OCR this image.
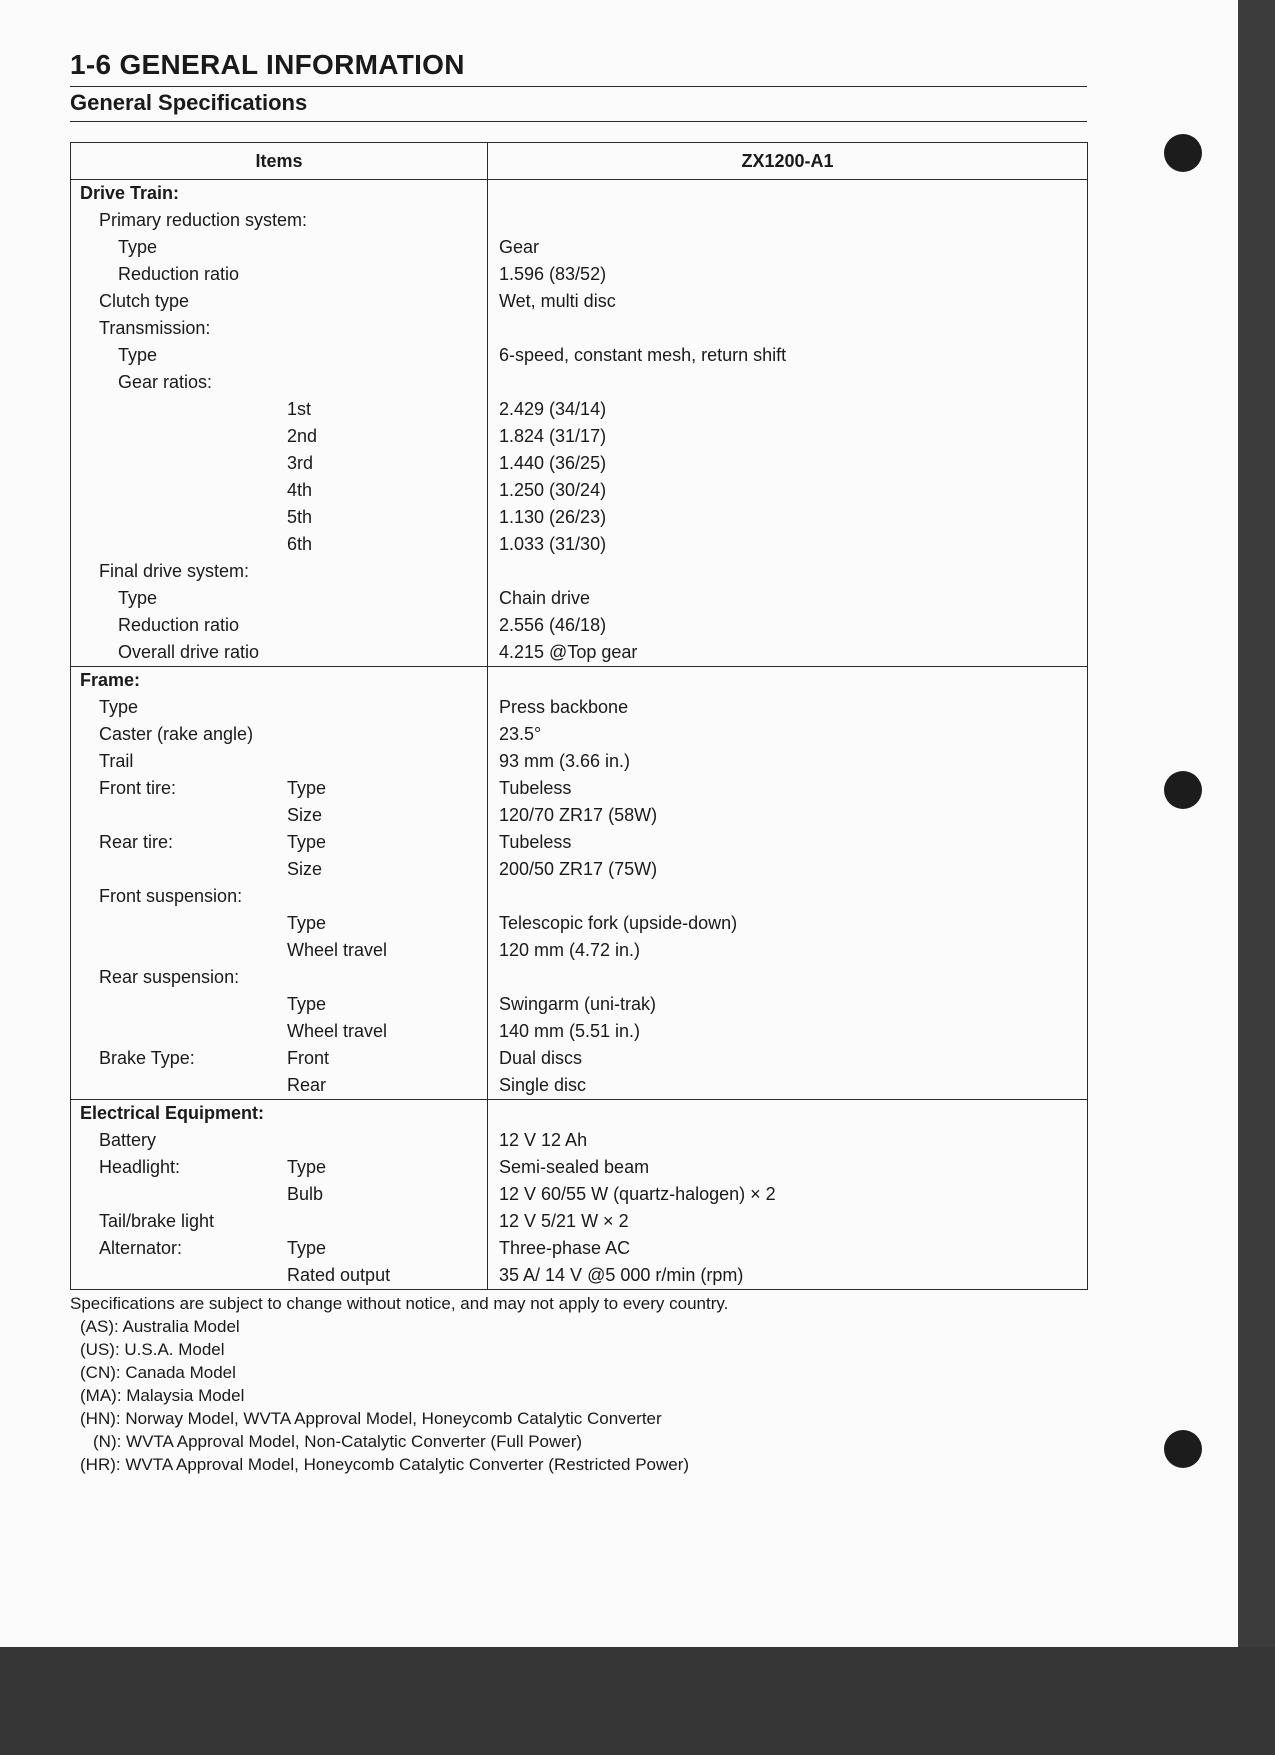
1-6 GENERAL INFORMATION
General Specifications
Items	ZX1200-A1
Drive Train:
Primary reduction system:
Type	Gear
Reduction ratio	1.596 (83/52)
Clutch type	Wet, multi disc
Transmission:
Type	6-speed, constant mesh, return shift
Gear ratios:
1st	2.429 (34/14)
2nd	1.824 (31/17)
3rd	1.440 (36/25)
4th	1.250 (30/24)
5th	1.130 (26/23)
6th	1.033 (31/30)
Final drive system:
Type	Chain drive
Reduction ratio	2.556 (46/18)
Overall drive ratio	4.215 @Top gear
Frame:
Type	Press backbone
Caster (rake angle)	23.5°
Trail	93 mm (3.66 in.)
Front tire:	Type	Tubeless
Size	120/70 ZR17 (58W)
Rear tire:	Type	Tubeless
Size	200/50 ZR17 (75W)
Front suspension:
Type	Telescopic fork (upside-down)
Wheel travel	120 mm (4.72 in.)
Rear suspension:
Type	Swingarm (uni-trak)
Wheel travel	140 mm (5.51 in.)
Brake Type:	Front	Dual discs
Rear	Single disc
Electrical Equipment:
Battery	12 V 12 Ah
Headlight:	Type	Semi-sealed beam
Bulb	12 V 60/55 W (quartz-halogen) × 2
Tail/brake light	12 V 5/21 W × 2
Alternator:	Type	Three-phase AC
Rated output	35 A/ 14 V @5 000 r/min (rpm)
Specifications are subject to change without notice, and may not apply to every country.
(AS): Australia Model
(US): U.S.A. Model
(CN): Canada Model
(MA): Malaysia Model
(HN): Norway Model, WVTA Approval Model, Honeycomb Catalytic Converter
(N): WVTA Approval Model, Non-Catalytic Converter (Full Power)
(HR): WVTA Approval Model, Honeycomb Catalytic Converter (Restricted Power)
